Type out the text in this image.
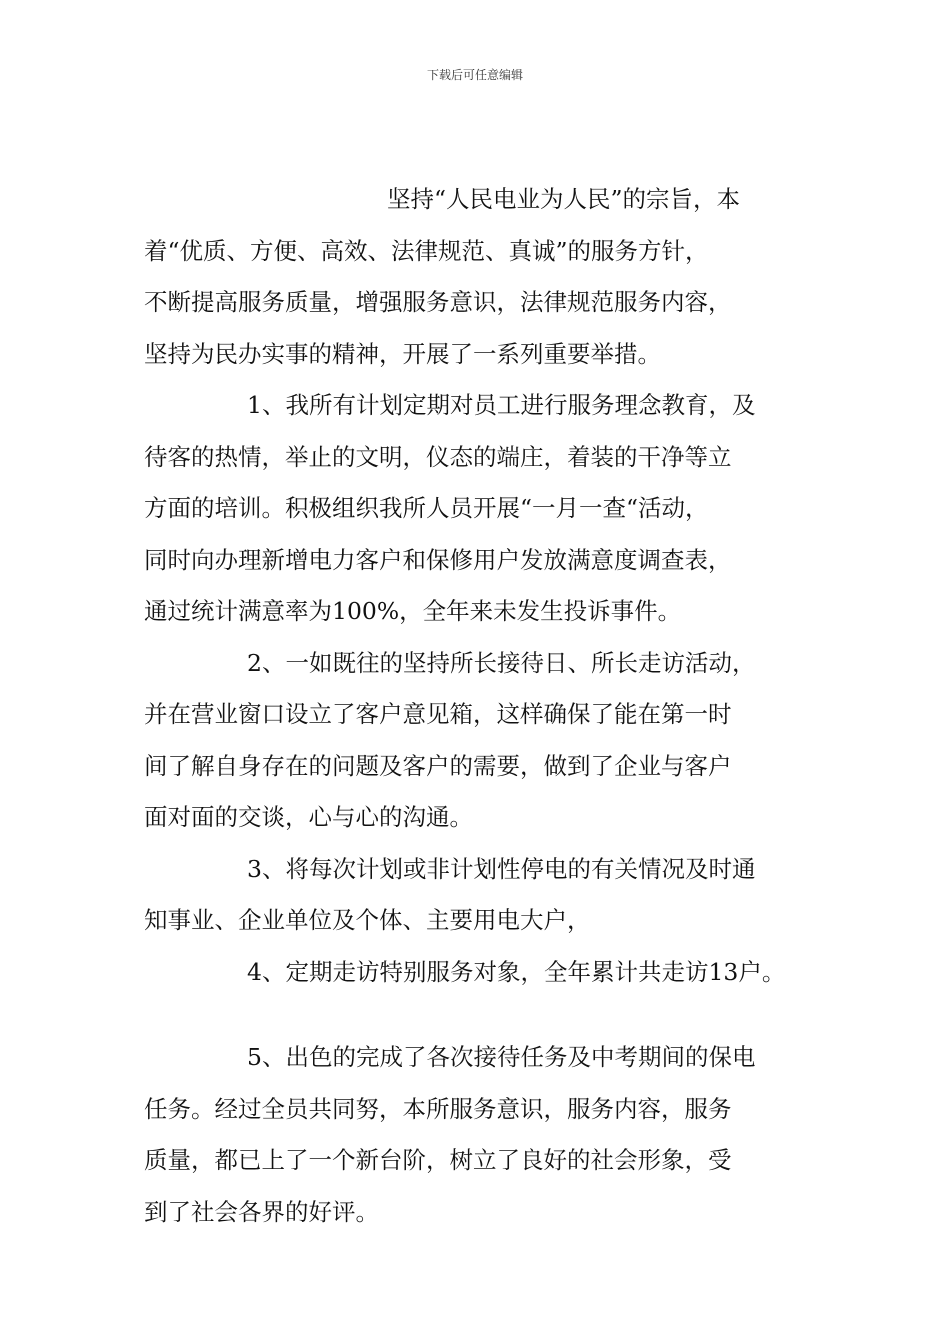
下载后可任意编辑
坚持“人民电业为人民”的宗旨，本
着“优质、方便、高效、法律规范、真诚”的服务方针，
不断提高服务质量，增强服务意识，法律规范服务内容，
坚持为民办实事的精神，开展了一系列重要举措。
1、我所有计划定期对员工进行服务理念教育，及
待客的热情，举止的文明，仪态的端庄，着装的干净等立
方面的培训。积极组织我所人员开展“一月一查“活动，
同时向办理新增电力客户和保修用户发放满意度调查表，
通过统计满意率为100%，全年来未发生投诉事件。
2、一如既往的坚持所长接待日、所长走访活动，
并在营业窗口设立了客户意见箱，这样确保了能在第一时
间了解自身存在的问题及客户的需要，做到了企业与客户
面对面的交谈，心与心的沟通。
3、将每次计划或非计划性停电的有关情况及时通
知事业、企业单位及个体、主要用电大户，
4、定期走访特别服务对象，全年累计共走访13户。
5、出色的完成了各次接待任务及中考期间的保电
任务。经过全员共同努，本所服务意识，服务内容，服务
质量，都已上了一个新台阶，树立了良好的社会形象，受
到了社会各界的好评。
